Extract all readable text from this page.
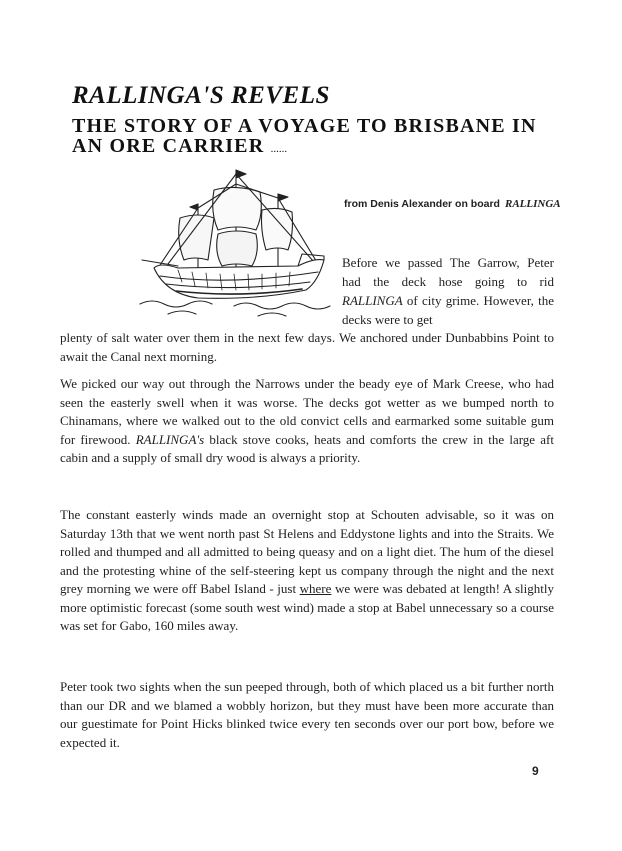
RALLINGA'S REVELS
THE STORY OF A VOYAGE TO BRISBANE IN AN ORE CARRIER ......
from Denis Alexander on board RALLINGA

Before we passed The Garrow, Peter had the deck hose going to rid RALLINGA of city grime. However, the decks were to get

plenty of salt water over them in the next few days. We anchored under Dunbabbins Point to await the Canal next morning.

We picked our way out through the Narrows under the beady eye of Mark Creese, who had seen the easterly swell when it was worse. The decks got wetter as we bumped north to Chinamans, where we walked out to the old convict cells and earmarked some suitable gum for firewood. RALLINGA's black stove cooks, heats and comforts the crew in the large aft cabin and a supply of small dry wood is always a priority.

The constant easterly winds made an overnight stop at Schouten advisable, so it was on Saturday 13th that we went north past St Helens and Eddystone lights and into the Straits. We rolled and thumped and all admitted to being queasy and on a light diet. The hum of the diesel and the protesting whine of the self-steering kept us company through the night and the next grey morning we were off Babel Island - just where we were was debated at length! A slightly more optimistic forecast (some south west wind) made a stop at Babel unnecessary so a course was set for Gabo, 160 miles away.

Peter took two sights when the sun peeped through, both of which placed us a bit further north than our DR and we blamed a wobbly horizon, but they must have been more accurate than our guestimate for Point Hicks blinked twice every ten seconds over our port bow, before we expected it.

9
